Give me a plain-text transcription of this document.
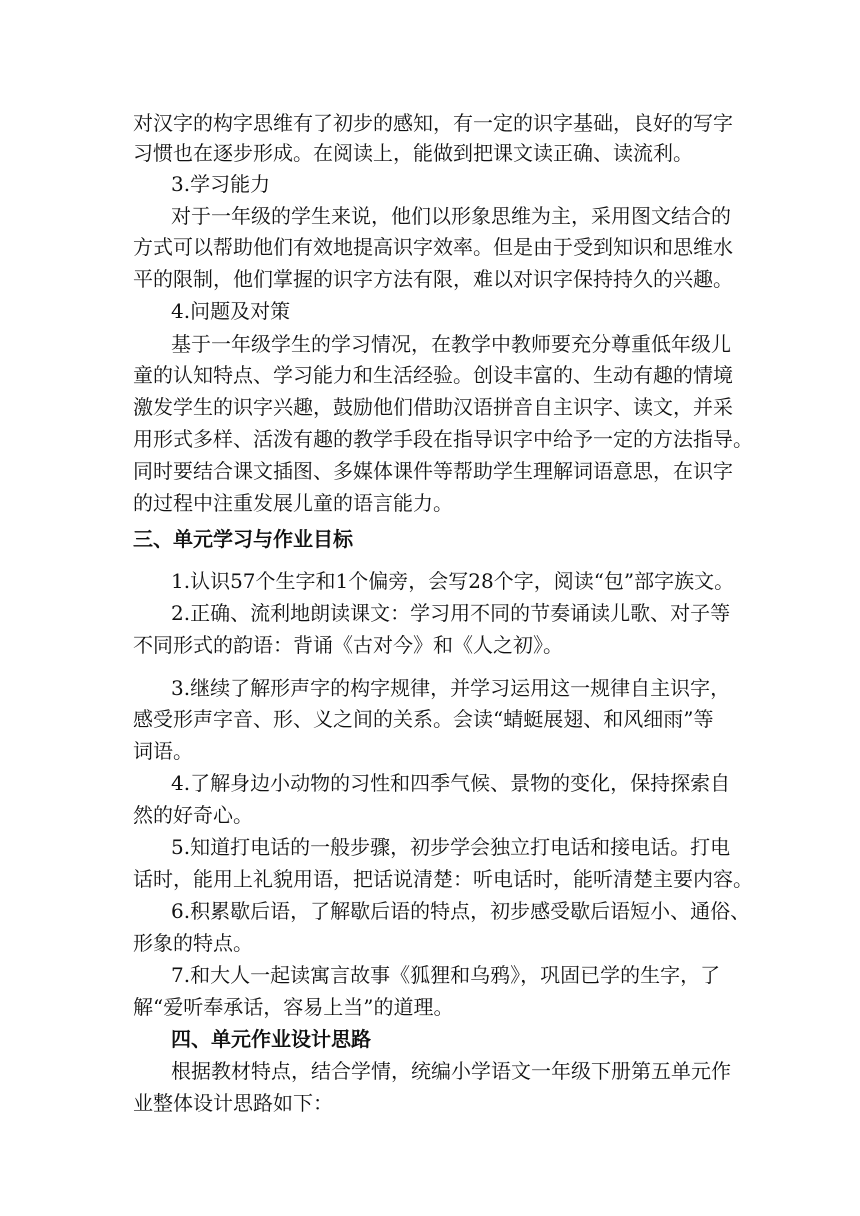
对汉字的构字思维有了初步的感知，有一定的识字基础，良好的写字
习惯也在逐步形成。在阅读上，能做到把课文读正确、读流利。
3.学习能力
对于一年级的学生来说，他们以形象思维为主，采用图文结合的
方式可以帮助他们有效地提高识字效率。但是由于受到知识和思维水
平的限制，他们掌握的识字方法有限，难以对识字保持持久的兴趣。
4.问题及对策
基于一年级学生的学习情况，在教学中教师要充分尊重低年级儿
童的认知特点、学习能力和生活经验。创设丰富的、生动有趣的情境
激发学生的识字兴趣，鼓励他们借助汉语拼音自主识字、读文，并采
用形式多样、活泼有趣的教学手段在指导识字中给予一定的方法指导。
同时要结合课文插图、多媒体课件等帮助学生理解词语意思，在识字
的过程中注重发展儿童的语言能力。
三、单元学习与作业目标
1.认识57个生字和1个偏旁，会写28个字，阅读“包”部字族文。
2.正确、流利地朗读课文：学习用不同的节奏诵读儿歌、对子等
不同形式的韵语：背诵《古对今》和《人之初》。
3.继续了解形声字的构字规律，并学习运用这一规律自主识字，
感受形声字音、形、义之间的关系。会读“蜻蜓展翅、和风细雨”等
词语。
4.了解身边小动物的习性和四季气候、景物的变化，保持探索自
然的好奇心。
5.知道打电话的一般步骤，初步学会独立打电话和接电话。打电
话时，能用上礼貌用语，把话说清楚：听电话时，能听清楚主要内容。
6.积累歇后语，了解歇后语的特点，初步感受歇后语短小、通俗、
形象的特点。
7.和大人一起读寓言故事《狐狸和乌鸦》，巩固已学的生字，了
解“爱听奉承话，容易上当”的道理。
四、单元作业设计思路
根据教材特点，结合学情，统编小学语文一年级下册第五单元作
业整体设计思路如下：
